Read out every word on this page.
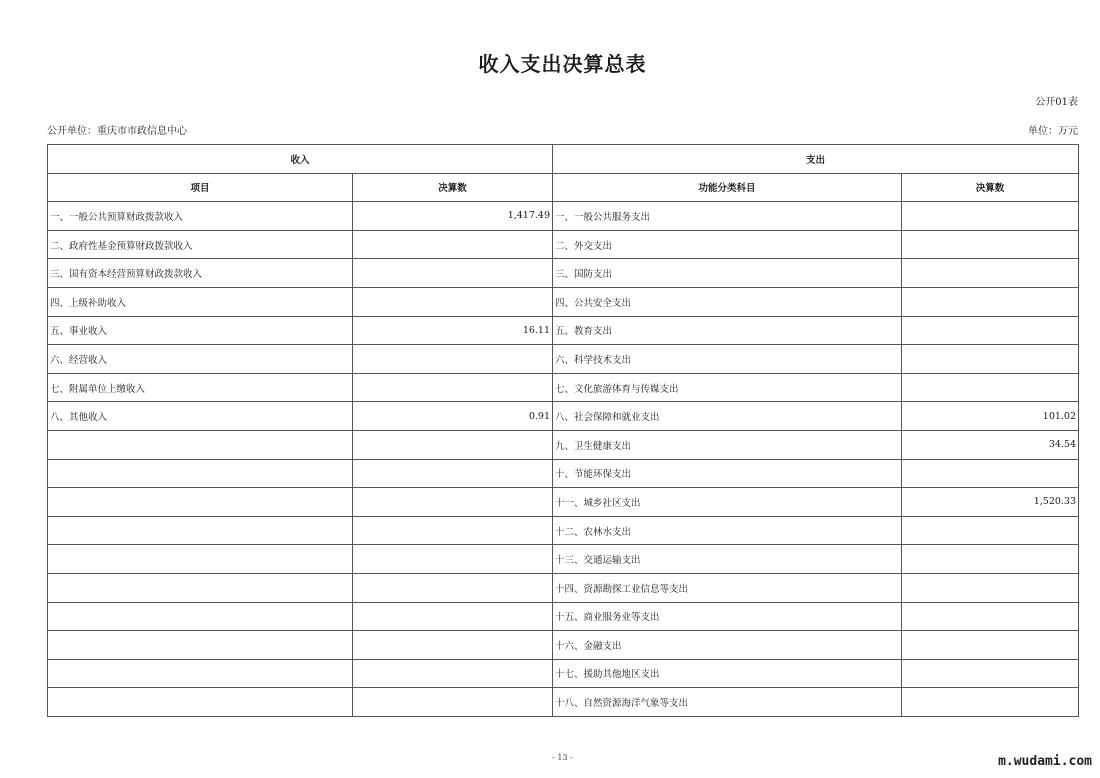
收入支出决算总表
公开01表
公开单位：重庆市市政信息中心	单位：万元
收入		支出	
项目	决算数	功能分类科目	决算数
一、一般公共预算财政拨款收入	1,417.49	一、一般公共服务支出	
二、政府性基金预算财政拨款收入		二、外交支出	
三、国有资本经营预算财政拨款收入		三、国防支出	
四、上级补助收入		四、公共安全支出	
五、事业收入	16.11	五、教育支出	
六、经营收入		六、科学技术支出	
七、附属单位上缴收入		七、文化旅游体育与传媒支出	
八、其他收入	0.91	八、社会保障和就业支出	101.02
		九、卫生健康支出	34.54
		十、节能环保支出	
		十一、城乡社区支出	1,520.33
		十二、农林水支出	
		十三、交通运输支出	
		十四、资源勘探工业信息等支出	
		十五、商业服务业等支出	
		十六、金融支出	
		十七、援助其他地区支出	
		十八、自然资源海洋气象等支出	
- 13 -	m.wudami.com
